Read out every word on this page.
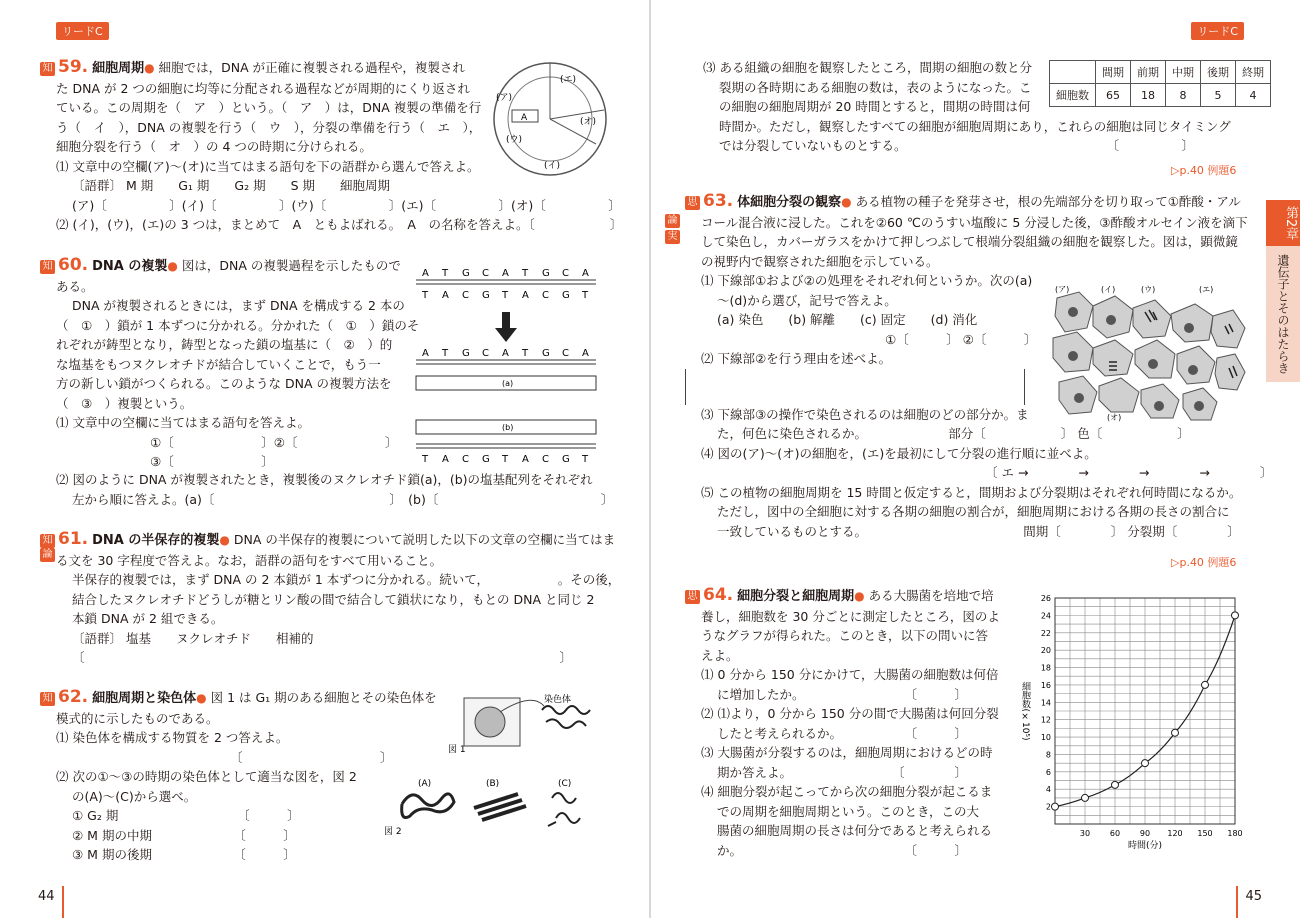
リードC
知 59. 細胞周期● 細胞では，DNA が正確に複製される過程や，複製され
た DNA が 2 つの細胞に均等に分配される過程などが周期的にくり返され
ている。この周期を（　ア　）という。（　ア　）は，DNA 複製の準備を行
う（　イ　），DNA の複製を行う（　ウ　），分裂の準備を行う（　エ　），
細胞分裂を行う（　オ　）の 4 つの時期に分けられる。
⑴ 文章中の空欄(ア)～(オ)に当てはまる語句を下の語群から選んで答えよ。
〔語群〕 M 期　　G₁ 期　　G₂ 期　　S 期　　細胞周期
(ア)〔　　　　　〕(イ)〔　　　　　〕(ウ)〔　　　　　〕(エ)〔　　　　　〕(オ)〔　　　　　〕
⑵ (イ)，(ウ)，(エ)の 3 つは，まとめて　A　ともよばれる。　A　の名称を答えよ。〔　　　　　　〕
A
(ア)
(イ)
(ウ)
(エ)
(オ)
知 60. DNA の複製● 図は，DNA の複製過程を示したもので
ある。
DNA が複製されるときには，まず DNA を構成する 2 本の
（　①　）鎖が 1 本ずつに分かれる。分かれた（　①　）鎖のそ
れぞれが鋳型となり，鋳型となった鎖の塩基に（　②　）的
な塩基をもつヌクレオチドが結合していくことで，もう一
方の新しい鎖がつくられる。このような DNA の複製方法を
（　③　）複製という。
⑴ 文章中の空欄に当てはまる語句を答えよ。
①〔　　　　　　　〕②〔　　　　　　　〕
③〔　　　　　　　〕
⑵ 図のように DNA が複製されたとき，複製後のヌクレオチド鎖(a)，(b)の塩基配列をそれぞれ
左から順に答えよ。(a)〔　　　　　　　　　　　　　　〕　(b)〔　　　　　　　　　　　　　〕
(a)
(b)
A T G C A T G C A
T A C G T A C G T
A T G C A T G C A
T A C G T A C G T
論
知 61. DNA の半保存的複製● DNA の半保存的複製について説明した以下の文章の空欄に当てはま
る文を 30 字程度で答えよ。なお，語群の語句をすべて用いること。
半保存的複製では，まず DNA の 2 本鎖が 1 本ずつに分かれる。続いて，　　　　　　。その後，
結合したヌクレオチドどうしが糖とリン酸の間で結合して鎖状になり，もとの DNA と同じ 2
本鎖 DNA が 2 組できる。
〔語群〕 塩基　　ヌクレオチド　　相補的
〔　　　　　　　　　　　　　　　　　　　　　　　　　　　　　　　　　　　　　　〕
知 62. 細胞周期と染色体● 図 1 は G₁ 期のある細胞とその染色体を
模式的に示したものである。
⑴ 染色体を構成する物質を 2 つ答えよ。
〔　　　　　　　　　　　〕
⑵ 次の①～③の時期の染色体として適当な図を，図 2
の(A)～(C)から選べ。
① G₂ 期　　　　　　　　　　〔　　　〕
② M 期の中期　　　　　　　〔　　　〕
③ M 期の後期　　　　　　　〔　　　〕
染色体
図 1
(A)	(B)	(C)
図 2
44
リードC
⑶ ある組織の細胞を観察したところ，間期の細胞の数と分
裂期の各時期にある細胞の数は，表のようになった。こ
の細胞の細胞周期が 20 時間とすると，間期の時間は何
時間か。ただし，観察したすべての細胞が細胞周期にあり，これらの細胞は同じタイミング
では分裂していないものとする。　　　　　　　　　　　　　　　　　〔　　　　　〕
	間期	前期	中期	後期	終期
細胞数	65	18	8	5	4
▷p.40 例題6
思 63. 体細胞分裂の観察● ある植物の種子を発芽させ，根の先端部分を切り取って①酢酸・アル
コール混合液に浸した。これを②60 ℃のうすい塩酸に 5 分浸した後，③酢酸オルセイン液を滴下
して染色し，カバーガラスをかけて押しつぶして根端分裂組織の細胞を観察した。図は，顕微鏡
の視野内で観察された細胞を示している。
⑴ 下線部①および②の処理をそれぞれ何というか。次の(a)
～(d)から選び，記号で答えよ。
(a) 染色　　(b) 解離　　(c) 固定　　(d) 消化
①〔　　　〕 ②〔　　　〕
⑵ 下線部②を行う理由を述べよ。
⑶ 下線部③の操作で染色されるのは細胞のどの部分か。ま
た，何色に染色されるか。　　　　　　　部分〔　　　　　　〕 色〔　　　　　　〕
⑷ 図の(ア)～(オ)の細胞を，(エ)を最初にして分裂の進行順に並べよ。
〔 エ →　　　　→　　　　→　　　　→　　　　〕
⑸ この植物の細胞周期を 15 時間と仮定すると，間期および分裂期はそれぞれ何時間になるか。
ただし，図中の全細胞に対する各期の細胞の割合が，細胞周期における各期の長さの割合に
一致しているものとする。　　　　　　　　　　　　　間期〔　　　　〕 分裂期〔　　　　〕
論
実
(ア)	(イ)	(ウ)	(エ)
(オ)
▷p.40 例題6
思 64. 細胞分裂と細胞周期● ある大腸菌を培地で培
養し，細胞数を 30 分ごとに測定したところ，図のよ
うなグラフが得られた。このとき，以下の問いに答
えよ。
⑴ 0 分から 150 分にかけて，大腸菌の細胞数は何倍
に増加したか。　　　　　　　　　〔　　　〕
⑵ ⑴より，0 分から 150 分の間で大腸菌は何回分裂
したと考えられるか。　　　　　　〔　　　〕
⑶ 大腸菌が分裂するのは，細胞周期におけるどの時
期か答えよ。　　　　　　　　　〔　　　　〕
⑷ 細胞分裂が起こってから次の細胞分裂が起こるま
での周期を細胞周期という。このとき，この大
腸菌の細胞周期の長さは何分であると考えられる
か。　　　　　　　　　　　　　　〔　　　〕
30 60 90 120 150 180
2
4
6
8
10
12
14
16
18
20
22
24
26
時間(分)
細胞数(×10⁵)
第2章
遺伝子とそのはたらき
45
